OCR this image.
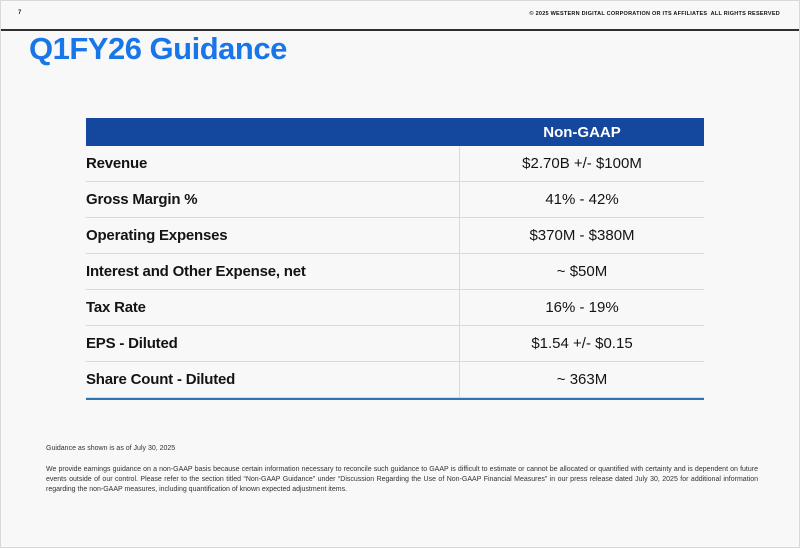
7	© 2025 WESTERN DIGITAL CORPORATION OR ITS AFFILIATES  ALL RIGHTS RESERVED
Q1FY26 Guidance
Non-GAAP
Revenue	$2.70B +/- $100M
Gross Margin %	41% - 42%
Operating Expenses	$370M - $380M
Interest and Other Expense, net	~ $50M
Tax Rate	16% - 19%
EPS - Diluted	$1.54 +/- $0.15
Share Count - Diluted	~ 363M
Guidance as shown is as of July 30, 2025
We provide earnings guidance on a non-GAAP basis because certain information necessary to reconcile such guidance to GAAP is difficult to estimate or cannot be allocated or quantified with certainty and is dependent on future events outside of our control. Please refer to the section titled “Non-GAAP Guidance” under “Discussion Regarding the Use of Non-GAAP Financial Measures” in our press release dated July 30, 2025 for additional information regarding the non-GAAP measures, including quantification of known expected adjustment items.
